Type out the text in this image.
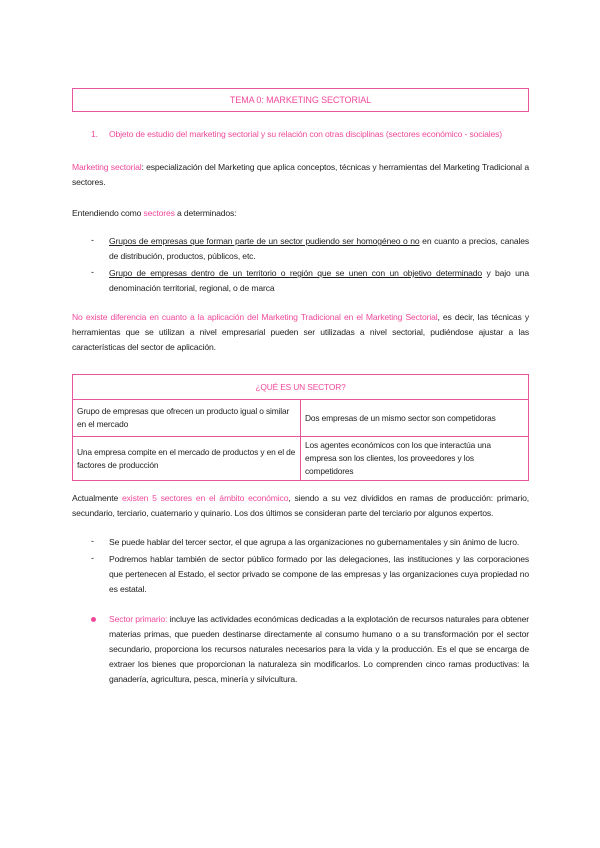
TEMA 0: MARKETING SECTORIAL
1. Objeto de estudio del marketing sectorial y su relación con otras disciplinas (sectores económico - sociales)
Marketing sectorial: especialización del Marketing que aplica conceptos, técnicas y herramientas del Marketing Tradicional a sectores.
Entendiendo como sectores a determinados:
- Grupos de empresas que forman parte de un sector pudiendo ser homogéneo o no en cuanto a precios, canales de distribución, productos, públicos, etc.
- Grupo de empresas dentro de un territorio o región que se unen con un objetivo determinado y bajo una denominación territorial, regional, o de marca
No existe diferencia en cuanto a la aplicación del Marketing Tradicional en el Marketing Sectorial, es decir, las técnicas y herramientas que se utilizan a nivel empresarial pueden ser utilizadas a nivel sectorial, pudiéndose ajustar a las características del sector de aplicación.
¿QUÉ ES UN SECTOR?	
Grupo de empresas que ofrecen un producto igual o similar en el mercado	Dos empresas de un mismo sector son competidoras
Una empresa compite en el mercado de productos y en el de factores de producción	Los agentes económicos con los que interactúa una empresa son los clientes, los proveedores y los competidores
Actualmente existen 5 sectores en el ámbito económico, siendo a su vez divididos en ramas de producción: primario, secundario, terciario, cuaternario y quinario. Los dos últimos se consideran parte del terciario por algunos expertos.
- Se puede hablar del tercer sector, el que agrupa a las organizaciones no gubernamentales y sin ánimo de lucro.
- Podremos hablar también de sector público formado por las delegaciones, las instituciones y las corporaciones que pertenecen al Estado, el sector privado se compone de las empresas y las organizaciones cuya propiedad no es estatal.
Sector primario: incluye las actividades económicas dedicadas a la explotación de recursos naturales para obtener materias primas, que pueden destinarse directamente al consumo humano o a su transformación por el sector secundario, proporciona los recursos naturales necesarios para la vida y la producción. Es el que se encarga de extraer los bienes que proporcionan la naturaleza sin modificarlos. Lo comprenden cinco ramas productivas: la ganadería, agricultura, pesca, minería y silvicultura.
